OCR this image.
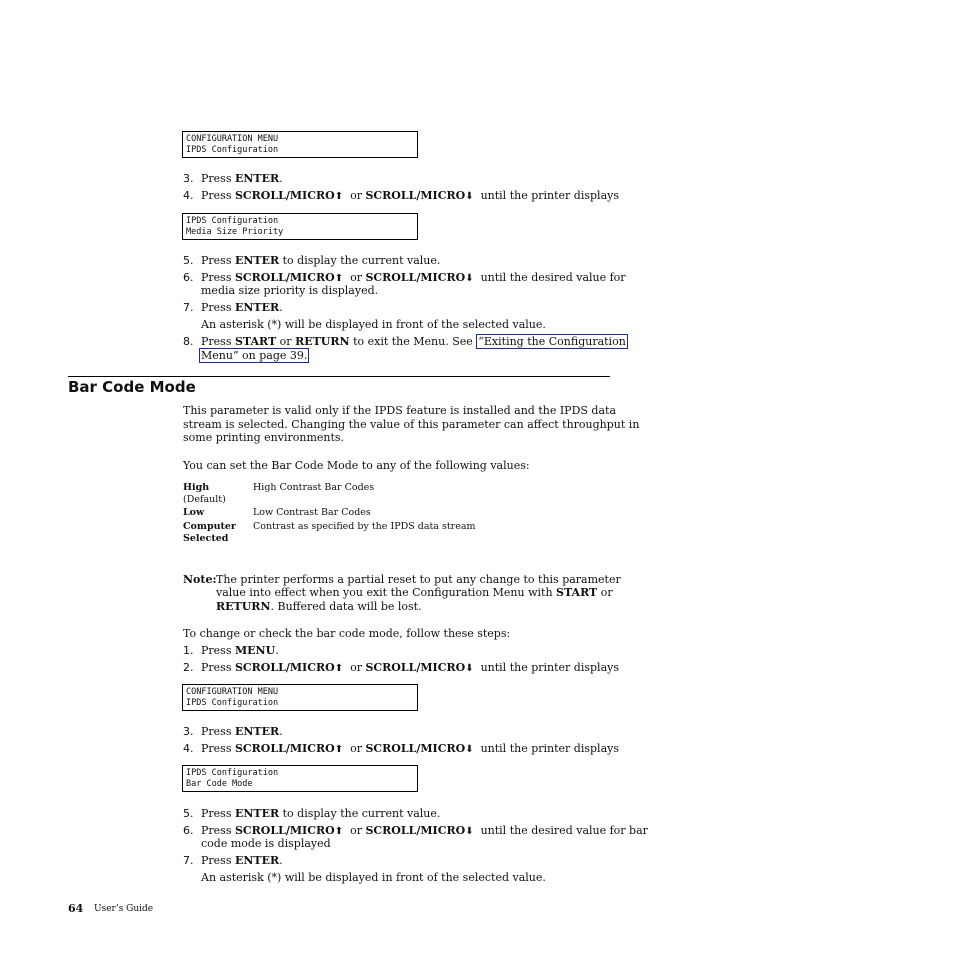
CONFIGURATION MENU
IPDS Configuration
3. Press ENTER.
4. Press SCROLL/MICRO⬆ or SCROLL/MICRO⬇ until the printer displays
IPDS Configuration
Media Size Priority
5. Press ENTER to display the current value.
6. Press SCROLL/MICRO⬆ or SCROLL/MICRO⬇ until the desired value for
media size priority is displayed.
7. Press ENTER.
An asterisk (*) will be displayed in front of the selected value.
8. Press START or RETURN to exit the Menu. See “Exiting the Configuration
Menu” on page 39.
Bar Code Mode
This parameter is valid only if the IPDS feature is installed and the IPDS data
stream is selected. Changing the value of this parameter can affect throughput in
some printing environments.
You can set the Bar Code Mode to any of the following values:
High
(Default)
High Contrast Bar Codes
Low	Low Contrast Bar Codes
Computer
Selected
Contrast as specified by the IPDS data stream
Note: The printer performs a partial reset to put any change to this parameter
value into effect when you exit the Configuration Menu with START or
RETURN. Buffered data will be lost.
To change or check the bar code mode, follow these steps:
1. Press MENU.
2. Press SCROLL/MICRO⬆ or SCROLL/MICRO⬇ until the printer displays
CONFIGURATION MENU
IPDS Configuration
3. Press ENTER.
4. Press SCROLL/MICRO⬆ or SCROLL/MICRO⬇ until the printer displays
IPDS Configuration
Bar Code Mode
5. Press ENTER to display the current value.
6. Press SCROLL/MICRO⬆ or SCROLL/MICRO⬇ until the desired value for bar
code mode is displayed
7. Press ENTER.
An asterisk (*) will be displayed in front of the selected value.
64 User’s Guide
